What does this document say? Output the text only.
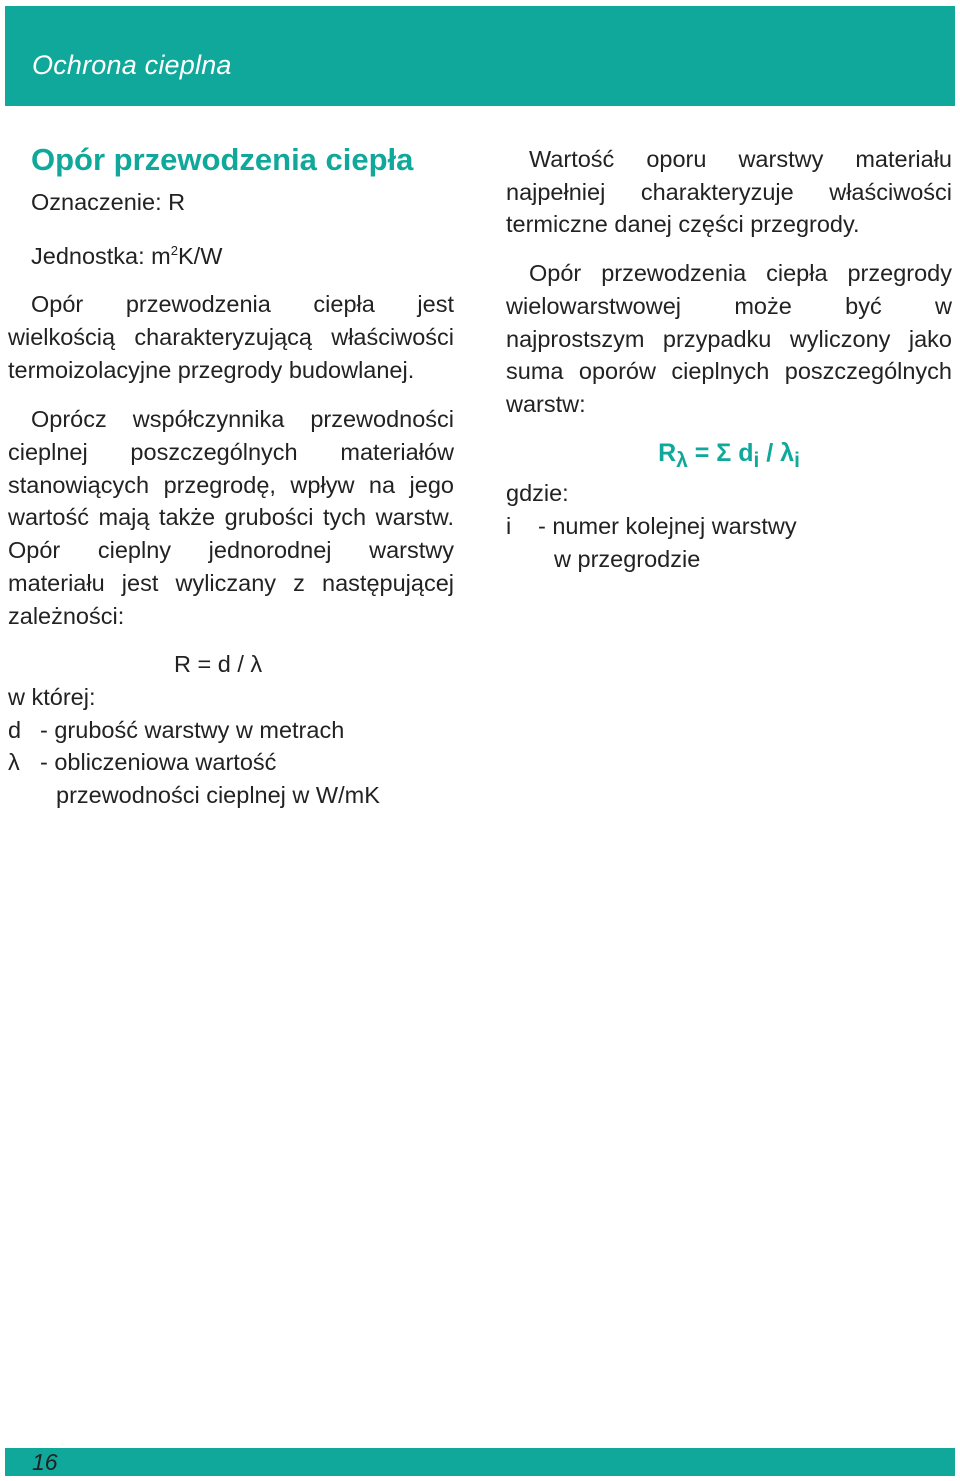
Ochrona cieplna
Opór przewodzenia ciepła

Oznaczenie: R

Jednostka: $m^2K/W$

Opór przewodzenia ciepła jest wielkością charakteryzującą właściwości termoizolacyjne przegrody budowlanej.

Oprócz współczynnika przewodności cieplnej poszczególnych materiałów stanowiących przegrodę, wpływ na jego wartość mają także grubości tych warstw. Opór cieplny jednorodnej warstwy materiału jest wyliczany z następującej zależności:

R = d / λ

w której:

d - grubość warstwy w metrach
λ - obliczeniowa wartość

przewodności cieplnej w W/mK

Wartość oporu warstwy materiału najpełniej charakteryzuje właściwości termiczne danej części przegrody.

Opór przewodzenia ciepła przegrody wielowarstwowej może być w najprostszym przypadku wyliczony jako suma oporów cieplnych poszczególnych warstw:

$R_\lambda = \Sigma$ $d_i / \lambda_i$

gdzie:

i	- numer kolejnej warstwy

w przegrodzie

16
